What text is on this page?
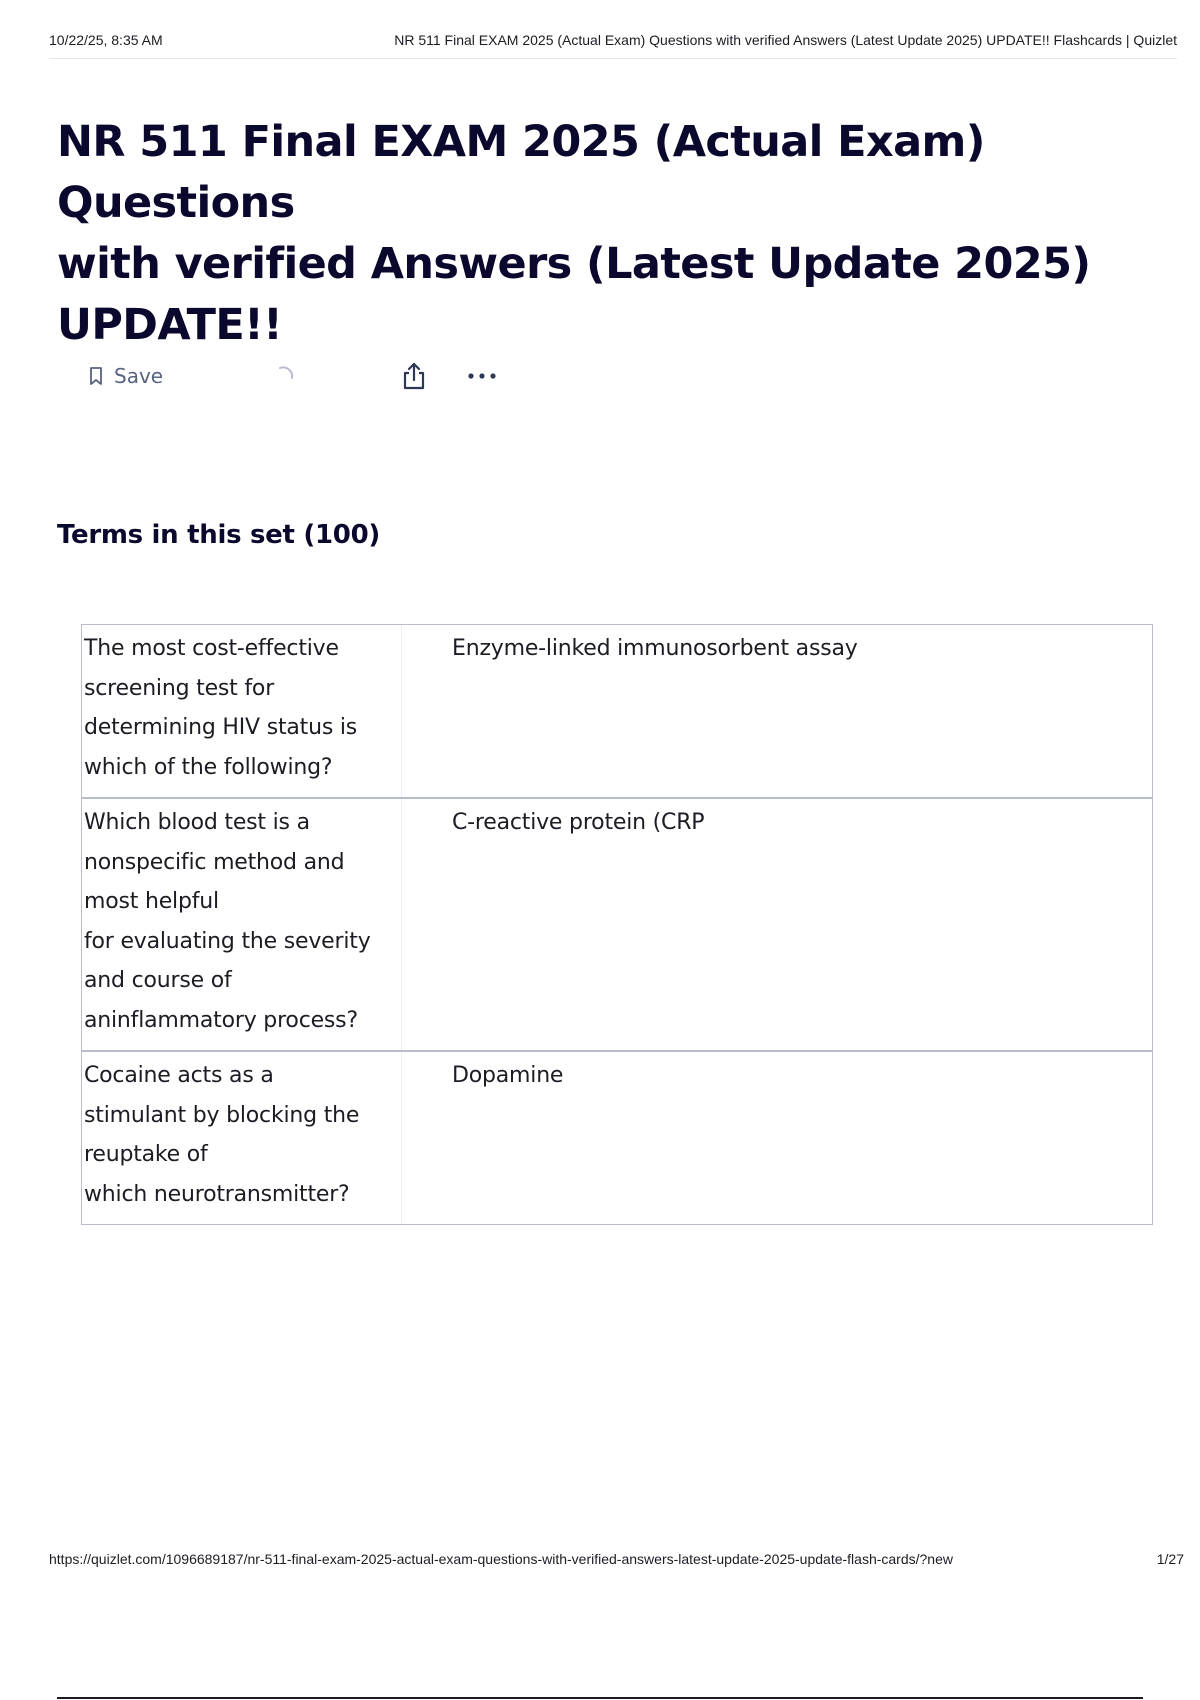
10/22/25, 8:35 AM	NR 511 Final EXAM 2025 (Actual Exam) Questions with verified Answers (Latest Update 2025) UPDATE!! Flashcards | Quizlet
NR 511 Final EXAM 2025 (Actual Exam) Questions
with verified Answers (Latest Update 2025)
UPDATE!!
Save
Terms in this set (100)
The most cost-effective
screening test for
determining HIV status is
which of the following?
Enzyme-linked immunosorbent assay
Which blood test is a
nonspecific method and
most helpful
for evaluating the severity
and course of
aninflammatory process?
C-reactive protein (CRP
Cocaine acts as a
stimulant by blocking the
reuptake of
which neurotransmitter?
Dopamine
https://quizlet.com/1096689187/nr-511-final-exam-2025-actual-exam-questions-with-verified-answers-latest-update-2025-update-flash-cards/?new	1/27
